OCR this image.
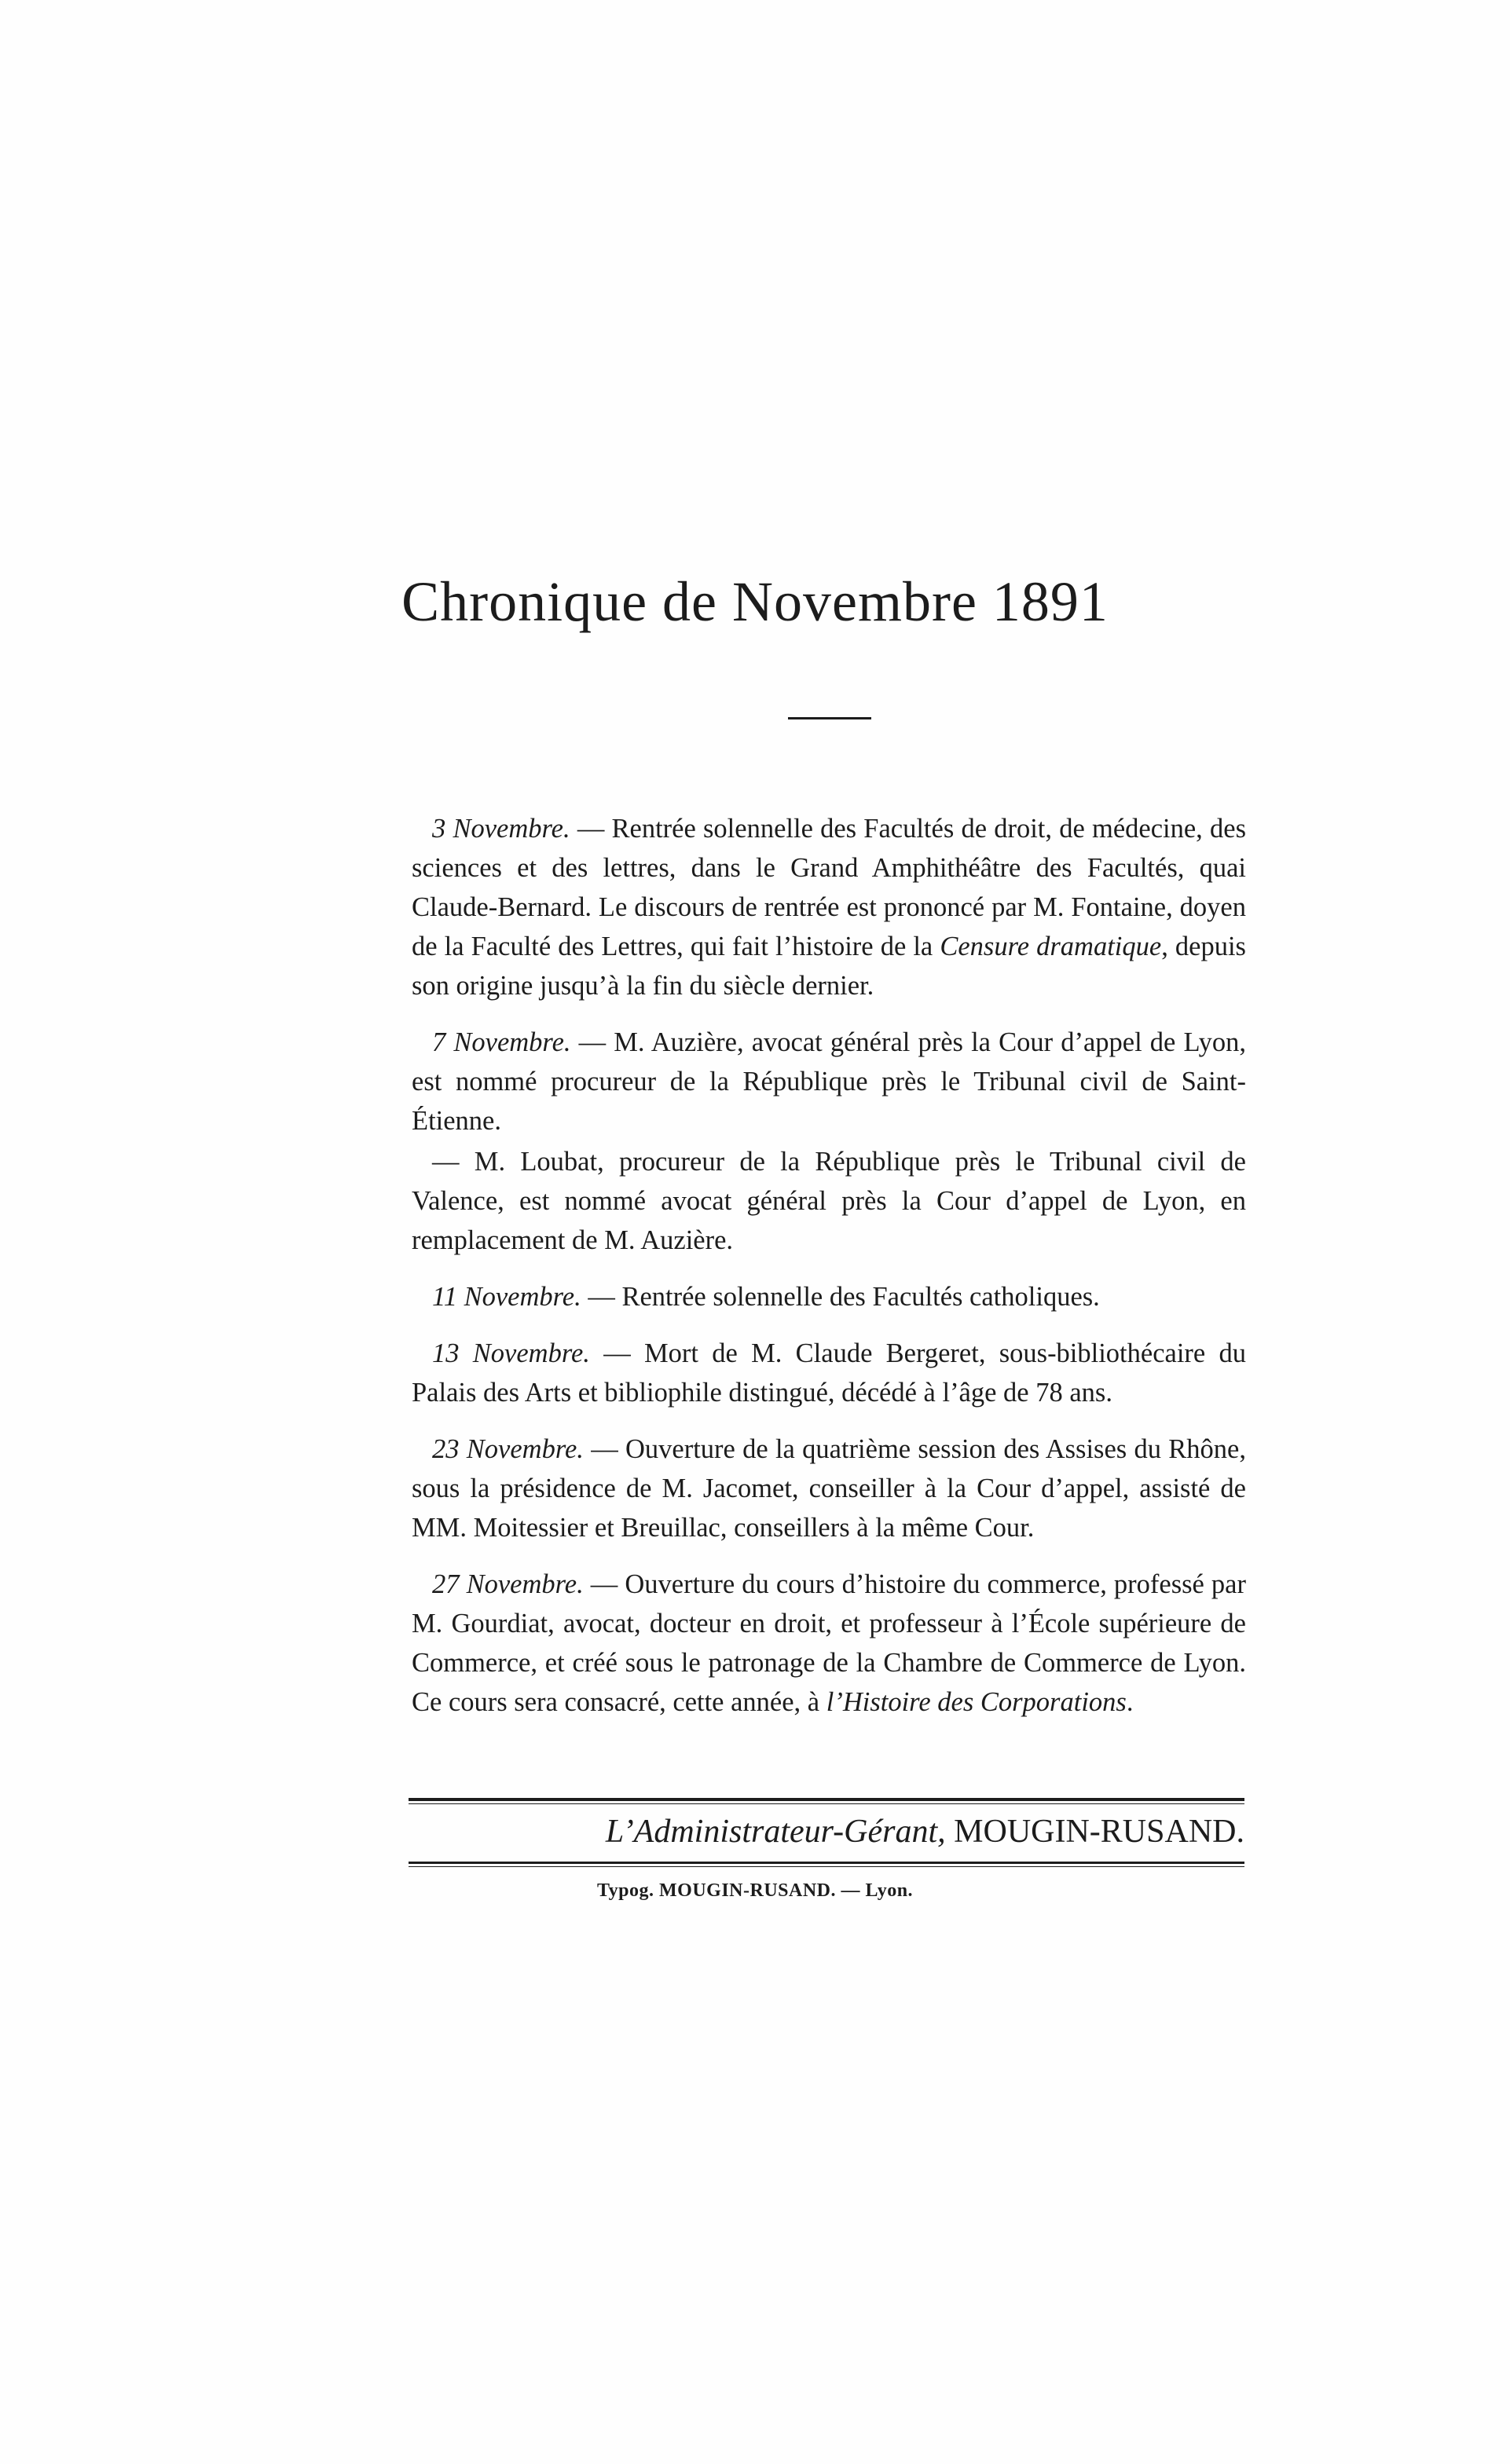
Chronique de Novembre 1891

3 Novembre. — Rentrée solennelle des Facultés de droit, de médecine, des sciences et des lettres, dans le Grand Amphithéâtre des Facultés, quai Claude-Bernard. Le discours de rentrée est prononcé par M. Fontaine, doyen de la Faculté des Lettres, qui fait l’histoire de la Censure dramatique, depuis son origine jusqu’à la fin du siècle dernier.

7 Novembre. — M. Auzière, avocat général près la Cour d’appel de Lyon, est nommé procureur de la République près le Tribunal civil de Saint-Étienne.

— M. Loubat, procureur de la République près le Tribunal civil de Valence, est nommé avocat général près la Cour d’appel de Lyon, en remplacement de M. Auzière.

11 Novembre. — Rentrée solennelle des Facultés catholiques.

13 Novembre. — Mort de M. Claude Bergeret, sous-bibliothécaire du Palais des Arts et bibliophile distingué, décédé à l’âge de 78 ans.

23 Novembre. — Ouverture de la quatrième session des Assises du Rhône, sous la présidence de M. Jacomet, conseiller à la Cour d’appel, assisté de MM. Moitessier et Breuillac, conseillers à la même Cour.

27 Novembre. — Ouverture du cours d’histoire du commerce, professé par M. Gourdiat, avocat, docteur en droit, et professeur à l’École supérieure de Commerce, et créé sous le patronage de la Chambre de Commerce de Lyon. Ce cours sera consacré, cette année, à l’Histoire des Corporations.

L’Administrateur-Gérant, MOUGIN-RUSAND.
Typog. MOUGIN-RUSAND. — Lyon.
